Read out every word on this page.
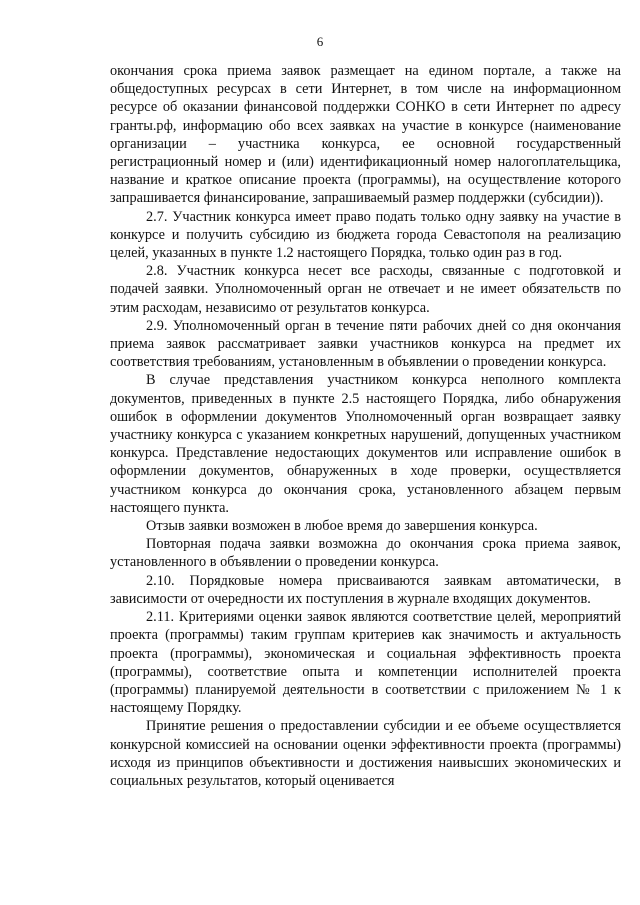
6

окончания срока приема заявок размещает на едином портале, а также на общедоступных ресурсах в сети Интернет, в том числе на информационном ресурсе об оказании финансовой поддержки СОНКО в сети Интернет по адресу гранты.рф, информацию обо всех заявках на участие в конкурсе (наименование организации – участника конкурса, ее основной государственный регистрационный номер и (или) идентификационный номер налогоплательщика, название и краткое описание проекта (программы), на осуществление которого запрашивается финансирование, запрашиваемый размер поддержки (субсидии)).

2.7. Участник конкурса имеет право подать только одну заявку на участие в конкурсе и получить субсидию из бюджета города Севастополя на реализацию целей, указанных в пункте 1.2 настоящего Порядка, только один раз в год.

2.8. Участник конкурса несет все расходы, связанные с подготовкой и подачей заявки. Уполномоченный орган не отвечает и не имеет обязательств по этим расходам, независимо от результатов конкурса.

2.9. Уполномоченный орган в течение пяти рабочих дней со дня окончания приема заявок рассматривает заявки участников конкурса на предмет их соответствия требованиям, установленным в объявлении о проведении конкурса.

В случае представления участником конкурса неполного комплекта документов, приведенных в пункте 2.5 настоящего Порядка, либо обнаружения ошибок в оформлении документов Уполномоченный орган возвращает заявку участнику конкурса с указанием конкретных нарушений, допущенных участником конкурса. Представление недостающих документов или исправление ошибок в оформлении документов, обнаруженных в ходе проверки, осуществляется участником конкурса до окончания срока, установленного абзацем первым настоящего пункта.

Отзыв заявки возможен в любое время до завершения конкурса.

Повторная подача заявки возможна до окончания срока приема заявок, установленного в объявлении о проведении конкурса.

2.10. Порядковые номера присваиваются заявкам автоматически, в зависимости от очередности их поступления в журнале входящих документов.

2.11. Критериями оценки заявок являются соответствие целей, мероприятий проекта (программы) таким группам критериев как значимость и актуальность проекта (программы), экономическая и социальная эффективность проекта (программы), соответствие опыта и компетенции исполнителей проекта (программы) планируемой деятельности в соответствии с приложением № 1 к настоящему Порядку.

Принятие решения о предоставлении субсидии и ее объеме осуществляется конкурсной комиссией на основании оценки эффективности проекта (программы) исходя из принципов объективности и достижения наивысших экономических и социальных результатов, который оценивается
